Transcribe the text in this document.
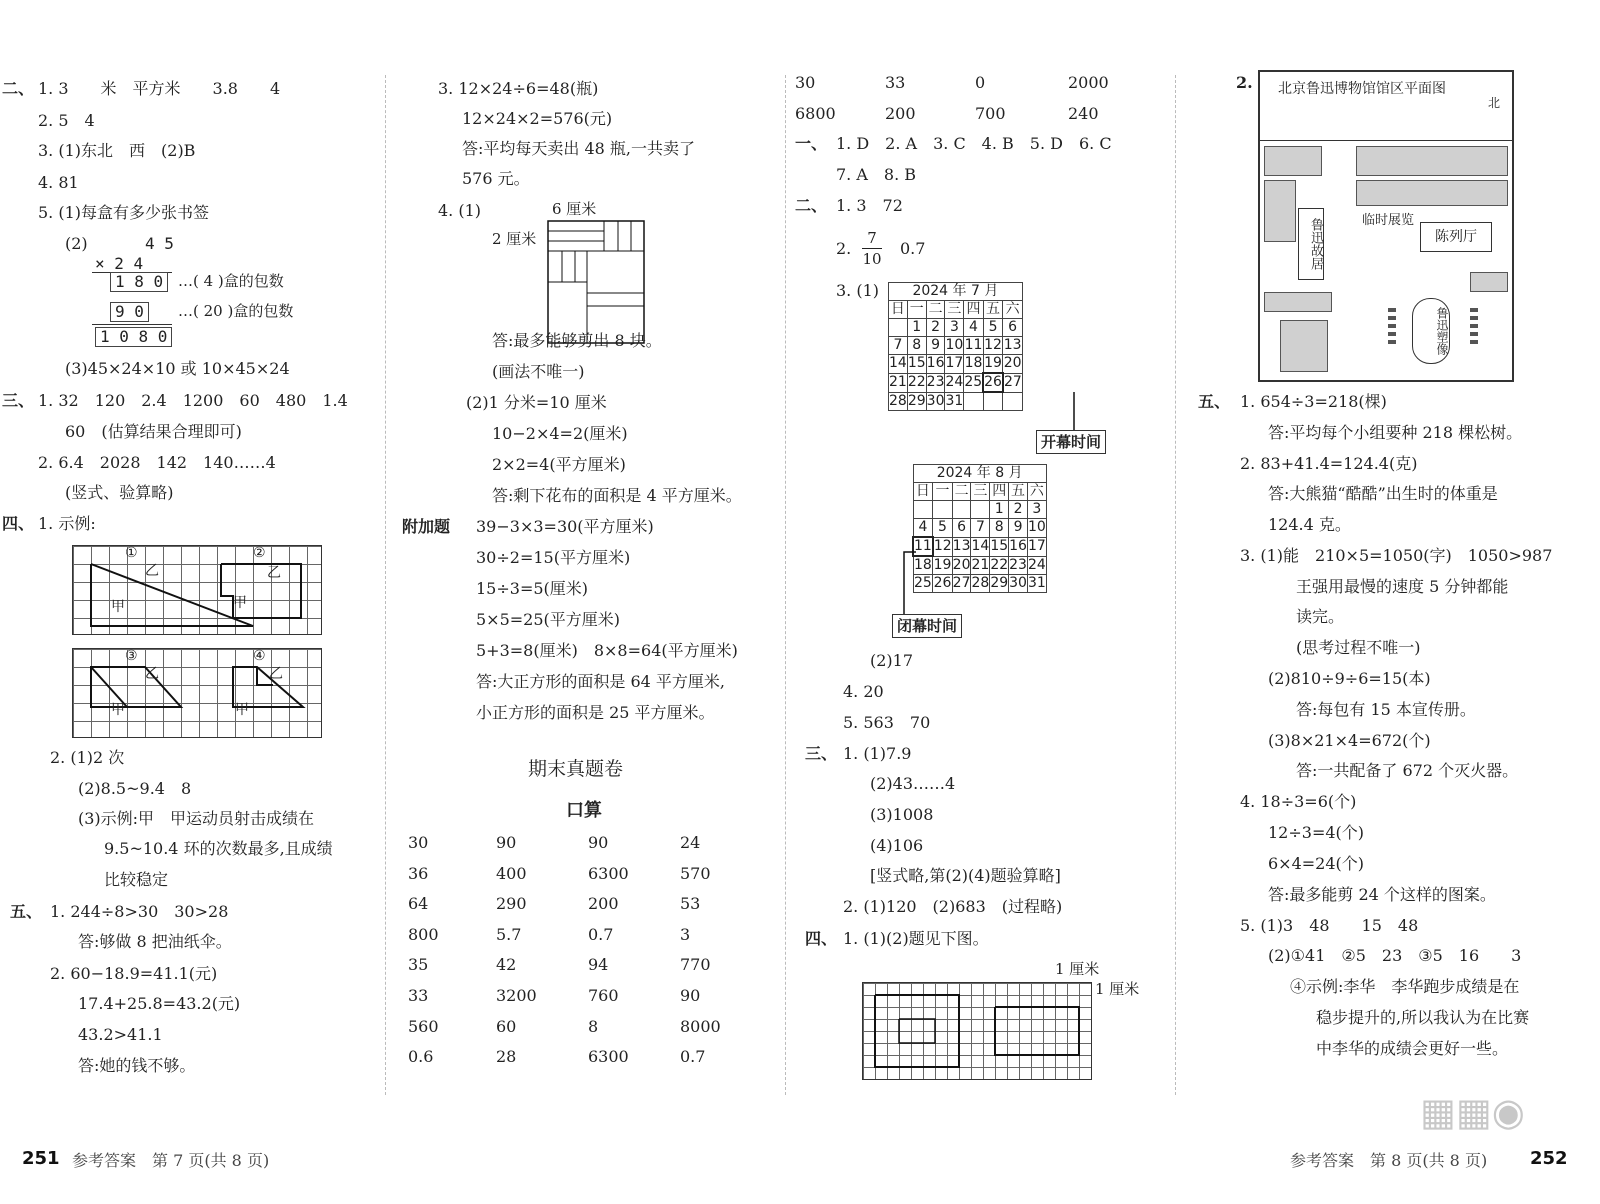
二、 1. 3　　米　平方米　　3.8　　4
2. 5　4
3. (1)东北　西　(2)B
4. 81
5. (1)每盒有多少张书签
(2)	4 5
× 2 4
1 8 0 …( 4 )盒的包数
9 0	…( 20 )盒的包数
1 0 8 0
(3)45×24×10 或 10×45×24
三、 1. 32　120　2.4　1200　60　480　1.4
60　(估算结果合理即可)
2. 6.4　2028　142　140……4
(竖式、验算略)
四、 1. 示例:
①	②
乙
甲
乙
甲
③	④
乙
甲
乙
甲
2. (1)2 次
(2)8.5~9.4　8
(3)示例:甲　甲运动员射击成绩在
9.5~10.4 环的次数最多,且成绩
比较稳定
五、 1. 244÷8>30　30>28
答:够做 8 把油纸伞。
2. 60−18.9=41.1(元)
17.4+25.8=43.2(元)
43.2>41.1
答:她的钱不够。
3. 12×24÷6=48(瓶)
12×24×2=576(元)
答:平均每天卖出 48 瓶,一共卖了
576 元。
4. (1)	6 厘米
2 厘米
答:最多能够剪出 8 块。
(画法不唯一)
(2)1 分米=10 厘米
10−2×4=2(厘米)
2×2=4(平方厘米)
答:剩下花布的面积是 4 平方厘米。
附加题 39−3×3=30(平方厘米)
30÷2=15(平方厘米)
15÷3=5(厘米)
5×5=25(平方厘米)
5+3=8(厘米)　8×8=64(平方厘米)
答:大正方形的面积是 64 平方厘米,
小正方形的面积是 25 平方厘米。
期末真题卷
口算
30	90	90	24
36	400	6300	570
64	290	200	53
800	5.7	0.7	3
35	42	94	770
33	3200	760	90
560	60	8	8000
0.6	28	6300	0.7
30	33	0	2000
6800	200	700	240
一、 1. D　2. A　3. C　4. B　5. D　6. C
7. A　8. B
二、 1. 3　72
2. $\frac{7}{10} 0.7$
3. (1) 2024 年 7 月						
日	一	二	三	四	五	六
	1	2	3	4	5	6
7	8	9	10	11	12	13
14	15	16	17	18	19	20
21	22	23	24	25	26	27
28	29	30	31			
开幕时间
2024 年 8 月						
日	一	二	三	四	五	六
				1	2	3
4	5	6	7	8	9	10
11	12	13	14	15	16	17
18	19	20	21	22	23	24
25	26	27	28	29	30	31
闭幕时间
(2)17
4. 20
5. 563　70
三、 1. (1)7.9
(2)43……4
(3)1008
(4)106
[竖式略,第(2)(4)题验算略]
2. (1)120　(2)683　(过程略)
四、 1. (1)(2)题见下图。
1 厘米
1 厘米
2. 北京鲁迅博物馆馆区平面图
北
鲁迅故居	临时展览
陈列厅
鲁迅塑像
五、 1. 654÷3=218(棵)
答:平均每个小组要种 218 棵松树。
2. 83+41.4=124.4(克)
答:大熊猫“酷酷”出生时的体重是
124.4 克。
3. (1)能　210×5=1050(字)　1050>987
王强用最慢的速度 5 分钟都能
读完。
(思考过程不唯一)
(2)810÷9÷6=15(本)
答:每包有 15 本宣传册。
(3)8×21×4=672(个)
答:一共配备了 672 个灭火器。
4. 18÷3=6(个)
12÷3=4(个)
6×4=24(个)
答:最多能剪 24 个这样的图案。
5. (1)3　48　　15　48
(2)①41　②5　23　③5　16　　3
④示例:李华　李华跑步成绩是在
稳步提升的,所以我认为在比赛
中李华的成绩会更好一些。
▦▦◉
251 参考答案　第 7 页(共 8 页)	参考答案　第 8 页(共 8 页) 252
